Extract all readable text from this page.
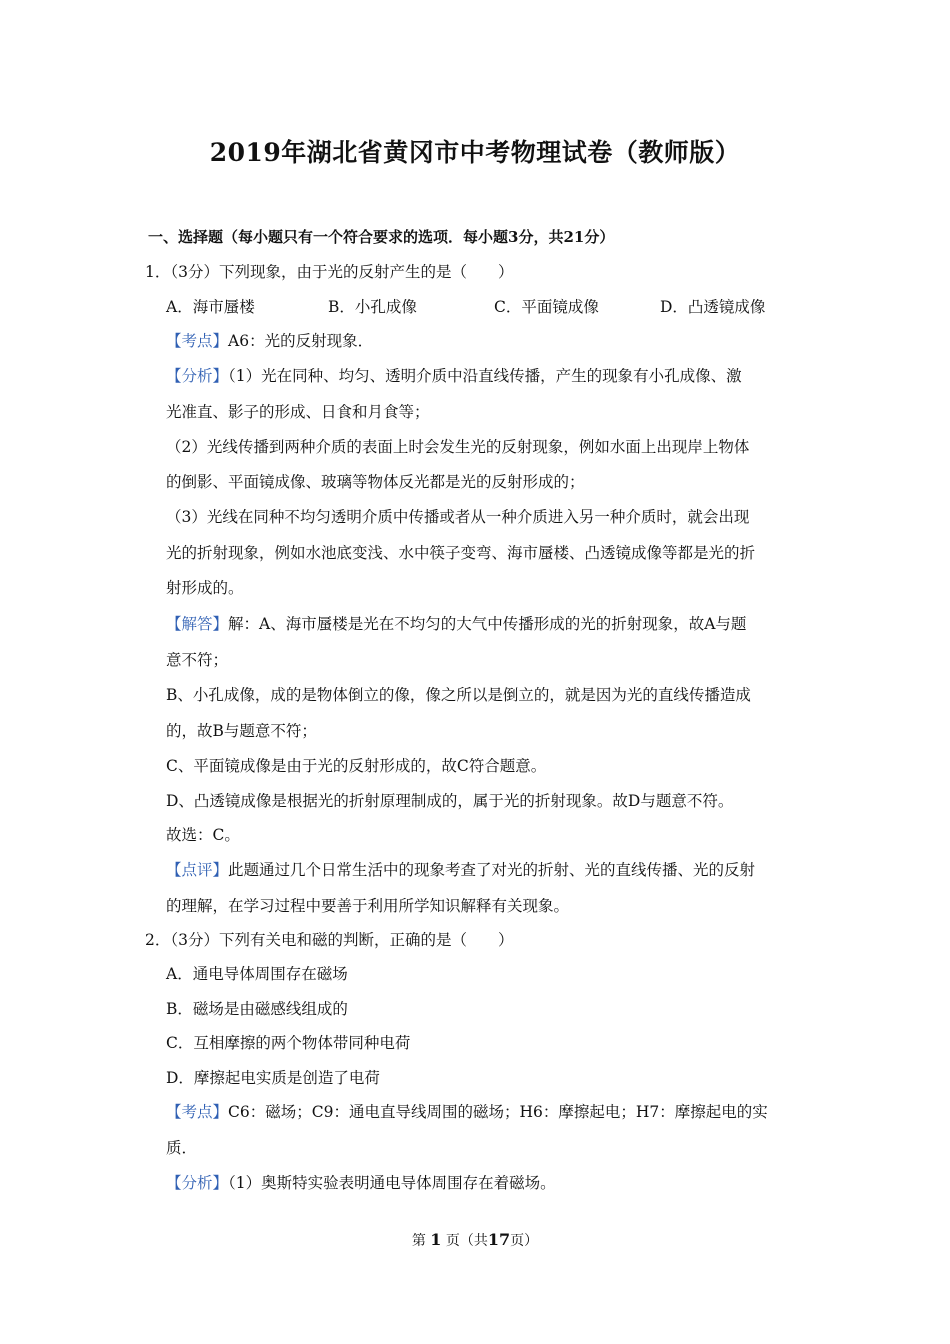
2019年湖北省黄冈市中考物理试卷（教师版）
一、选择题（每小题只有一个符合要求的选项．每小题3分，共21分）
1．（3分）下列现象，由于光的反射产生的是（　　）
A．海市蜃楼	B．小孔成像	C．平面镜成像	D．凸透镜成像
【考点】A6：光的反射现象．
【分析】（1）光在同种、均匀、透明介质中沿直线传播，产生的现象有小孔成像、激
光准直、影子的形成、日食和月食等；
（2）光线传播到两种介质的表面上时会发生光的反射现象，例如水面上出现岸上物体
的倒影、平面镜成像、玻璃等物体反光都是光的反射形成的；
（3）光线在同种不均匀透明介质中传播或者从一种介质进入另一种介质时，就会出现
光的折射现象，例如水池底变浅、水中筷子变弯、海市蜃楼、凸透镜成像等都是光的折
射形成的。
【解答】解：A、海市蜃楼是光在不均匀的大气中传播形成的光的折射现象，故A与题
意不符；
B、小孔成像，成的是物体倒立的像，像之所以是倒立的，就是因为光的直线传播造成
的，故B与题意不符；
C、平面镜成像是由于光的反射形成的，故C符合题意。
D、凸透镜成像是根据光的折射原理制成的，属于光的折射现象。故D与题意不符。
故选：C。
【点评】此题通过几个日常生活中的现象考查了对光的折射、光的直线传播、光的反射
的理解，在学习过程中要善于利用所学知识解释有关现象。
2．（3分）下列有关电和磁的判断，正确的是（　　）
A．通电导体周围存在磁场
B．磁场是由磁感线组成的
C．互相摩擦的两个物体带同种电荷
D．摩擦起电实质是创造了电荷
【考点】C6：磁场；C9：通电直导线周围的磁场；H6：摩擦起电；H7：摩擦起电的实
质．
【分析】（1）奥斯特实验表明通电导体周围存在着磁场。
第 1 页（共17页）
